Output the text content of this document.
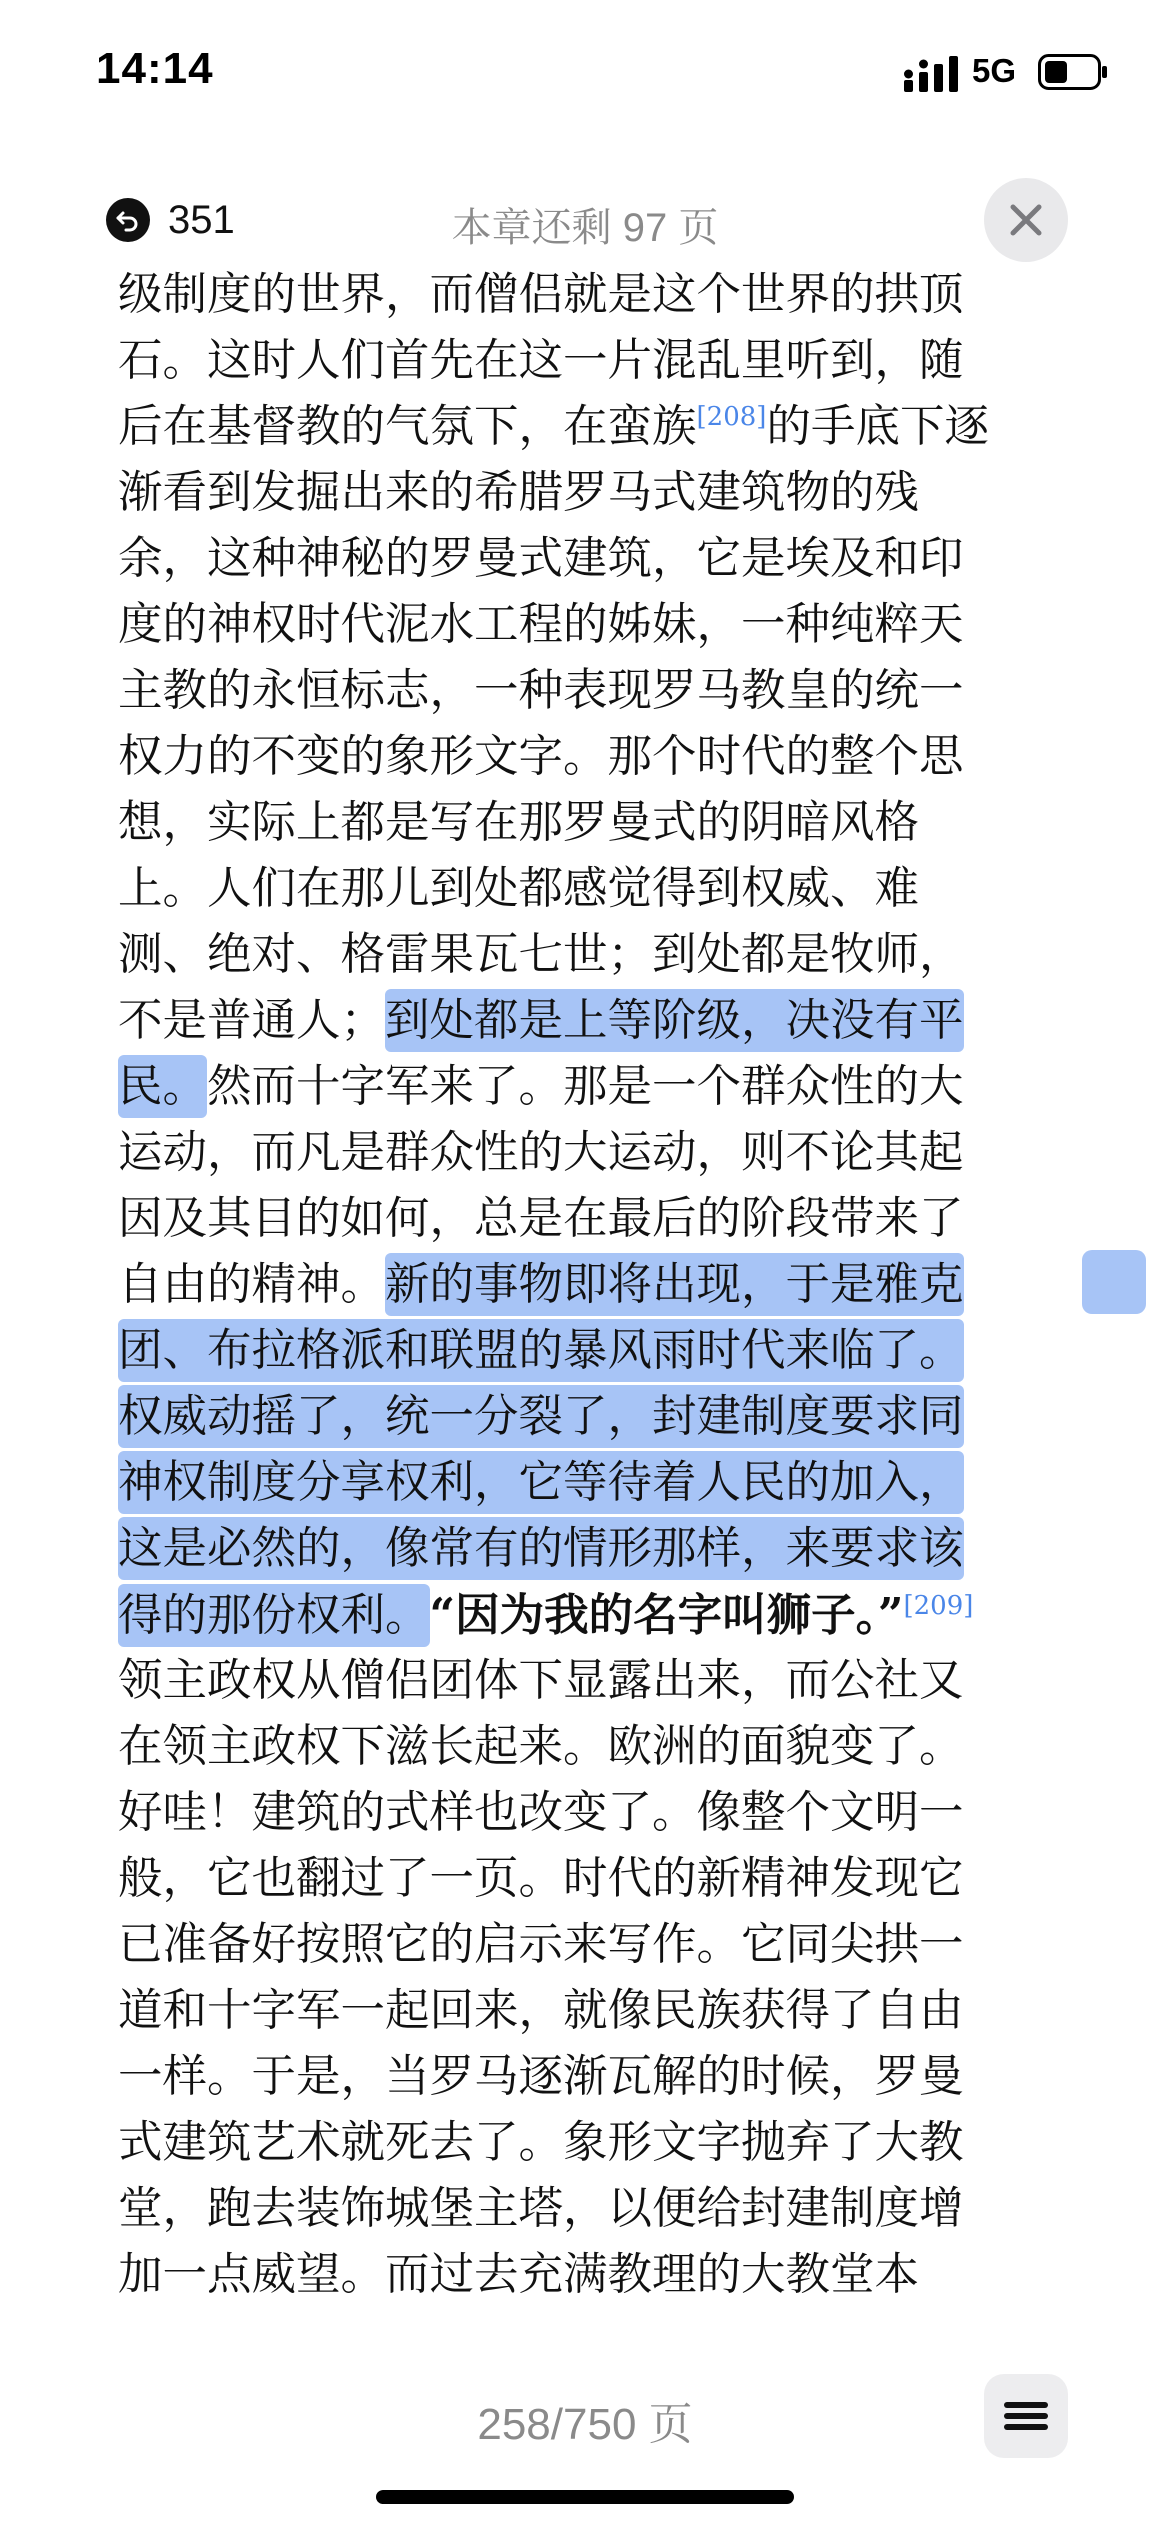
14:14	5G
351	本章还剩 97 页
级制度的世界，而僧侣就是这个世界的拱顶
石。这时人们首先在这一片混乱里听到，随
后在基督教的气氛下，在蛮族[208]的手底下逐
渐看到发掘出来的希腊罗马式建筑物的残
余，这种神秘的罗曼式建筑，它是埃及和印
度的神权时代泥水工程的姊妹，一种纯粹天
主教的永恒标志，一种表现罗马教皇的统一
权力的不变的象形文字。那个时代的整个思
想，实际上都是写在那罗曼式的阴暗风格
上。人们在那儿到处都感觉得到权威、难
测、绝对、格雷果瓦七世；到处都是牧师，
不是普通人；到处都是上等阶级，决没有平
民。然而十字军来了。那是一个群众性的大
运动，而凡是群众性的大运动，则不论其起
因及其目的如何，总是在最后的阶段带来了
自由的精神。新的事物即将出现，于是雅克
团、布拉格派和联盟的暴风雨时代来临了。
权威动摇了，统一分裂了，封建制度要求同
神权制度分享权利，它等待着人民的加入，
这是必然的，像常有的情形那样，来要求该
得的那份权利。“因为我的名字叫狮子。”[209]
领主政权从僧侣团体下显露出来，而公社又
在领主政权下滋长起来。欧洲的面貌变了。
好哇！建筑的式样也改变了。像整个文明一
般，它也翻过了一页。时代的新精神发现它
已准备好按照它的启示来写作。它同尖拱一
道和十字军一起回来，就像民族获得了自由
一样。于是，当罗马逐渐瓦解的时候，罗曼
式建筑艺术就死去了。象形文字抛弃了大教
堂，跑去装饰城堡主塔，以便给封建制度增
加一点威望。而过去充满教理的大教堂本
258/750 页
